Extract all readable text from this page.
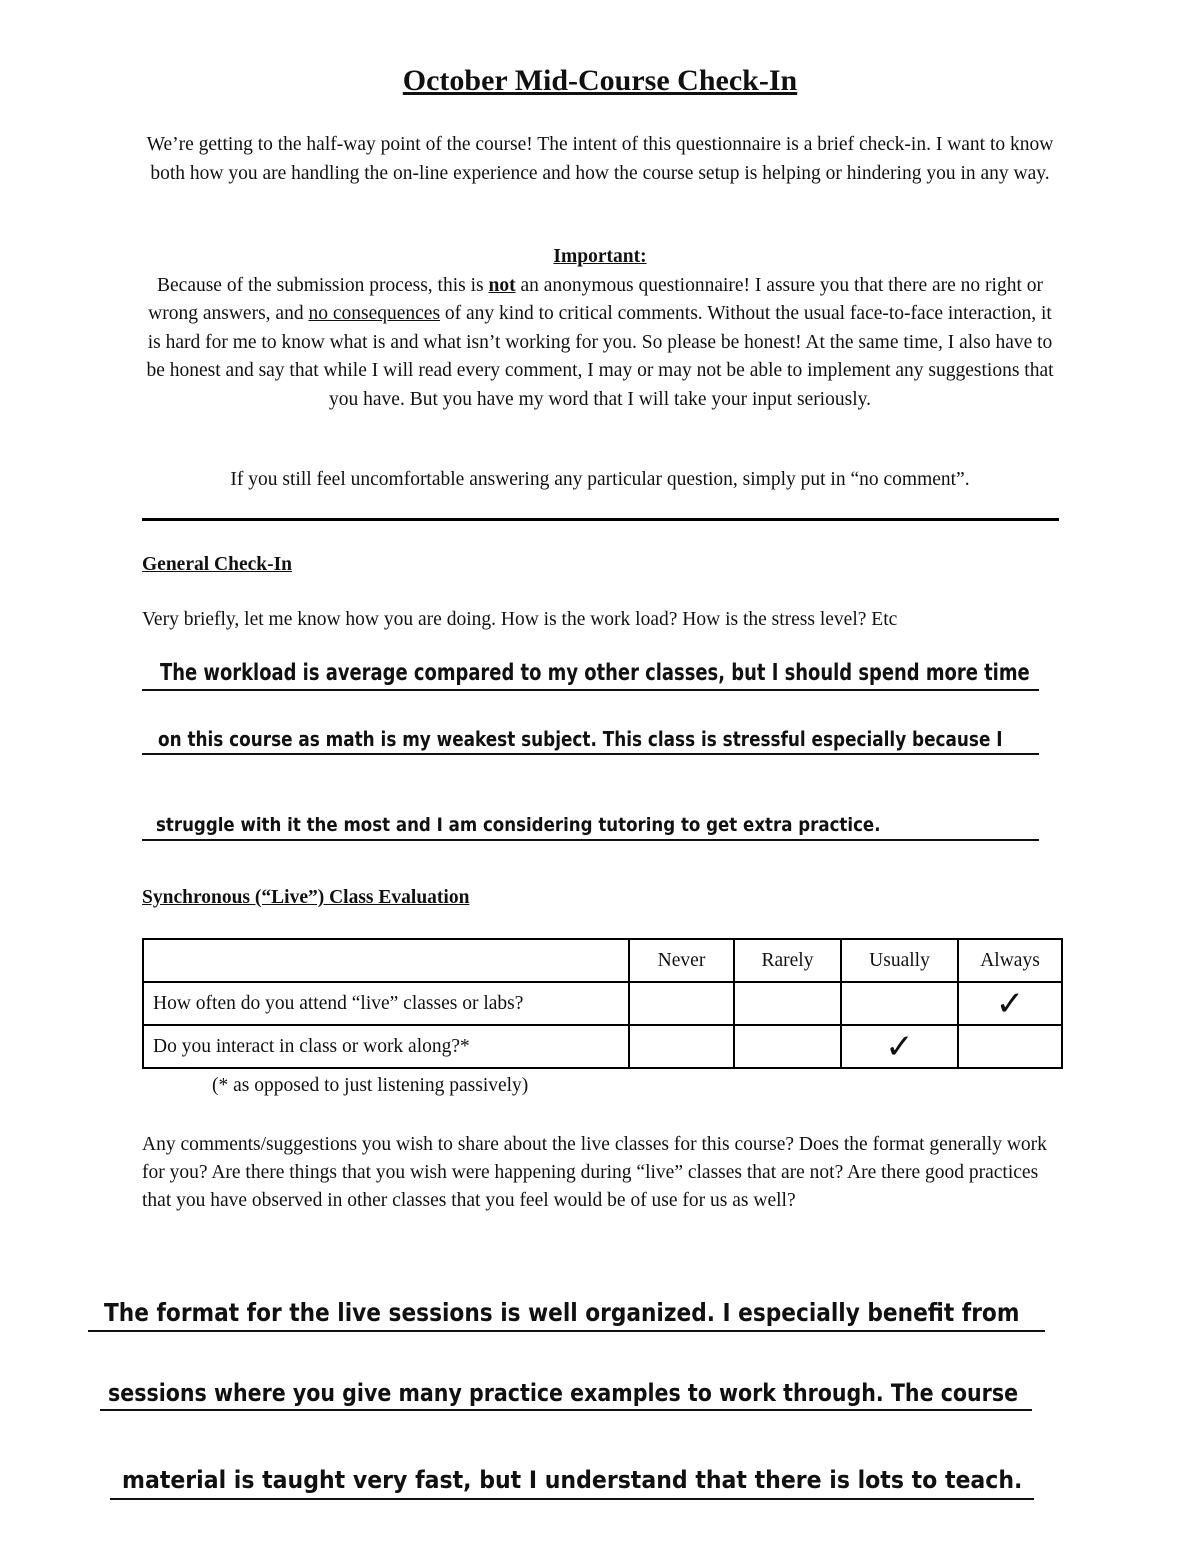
October Mid-Course Check-In
We’re getting to the half-way point of the course! The intent of this questionnaire is a brief check-in. I want to know both how you are handling the on-line experience and how the course setup is helping or hindering you in any way.
Important:
Because of the submission process, this is not an anonymous questionnaire! I assure you that there are no right or wrong answers, and no consequences of any kind to critical comments. Without the usual face-to-face interaction, it is hard for me to know what is and what isn’t working for you. So please be honest! At the same time, I also have to be honest and say that while I will read every comment, I may or may not be able to implement any suggestions that you have. But you have my word that I will take your input seriously.
If you still feel uncomfortable answering any particular question, simply put in “no comment”.
General Check-In
Very briefly, let me know how you are doing. How is the work load? How is the stress level? Etc
The workload is average compared to my other classes, but I should spend more time
on this course as math is my weakest subject. This class is stressful especially because I
struggle with it the most and I am considering tutoring to get extra practice.
Synchronous (“Live”) Class Evaluation
	Never	Rarely	Usually	Always
How often do you attend “live” classes or labs?				✓
Do you interact in class or work along?*			✓	
(* as opposed to just listening passively)
Any comments/suggestions you wish to share about the live classes for this course? Does the format generally work for you? Are there things that you wish were happening during “live” classes that are not? Are there good practices that you have observed in other classes that you feel would be of use for us as well?
The format for the live sessions is well organized. I especially benefit from
sessions where you give many practice examples to work through. The course
material is taught very fast, but I understand that there is lots to teach.
